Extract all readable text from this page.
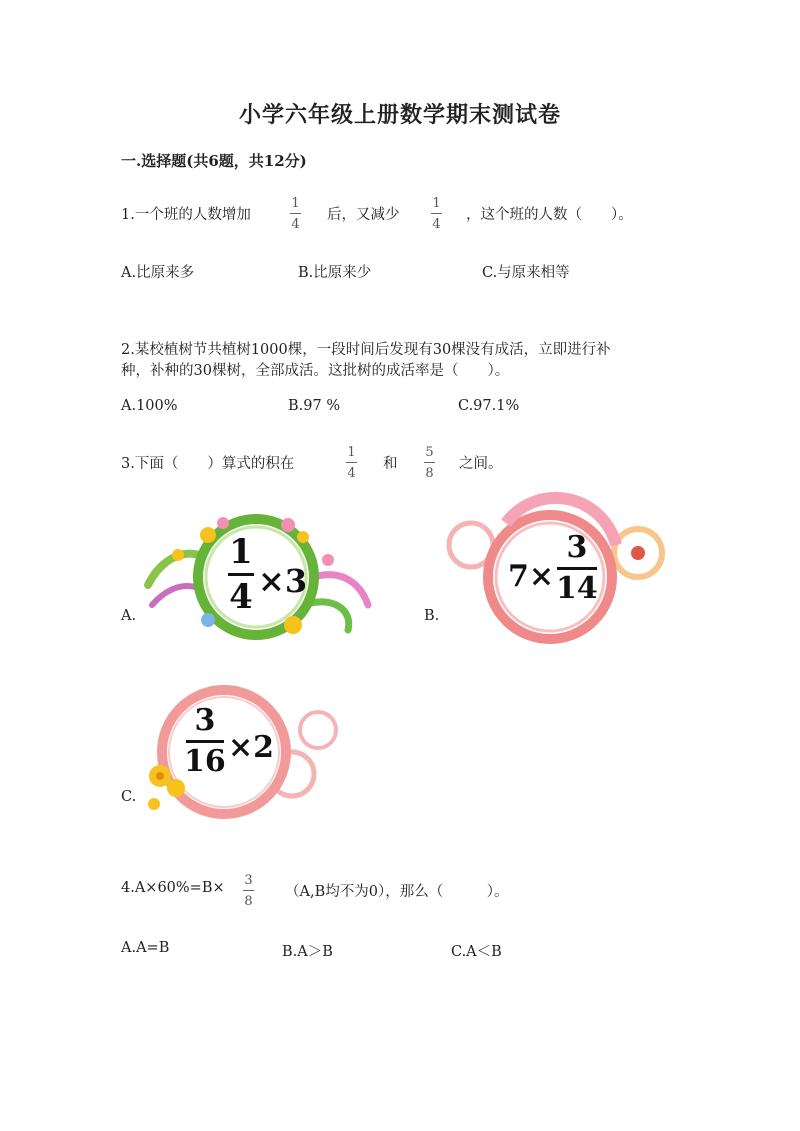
小学六年级上册数学期末测试卷
一.选择题(共6题，共12分)
1.一个班的人数增加
1
4
后，又减少
1
4
，这个班的人数（　　）。
A.比原来多	B.比原来少	C.与原来相等
2.某校植树节共植树1000棵，一段时间后发现有30棵没有成活，立即进行补
种，补种的30棵树，全部成活。这批树的成活率是（　　）。
A.100%	B.97 %	C.97.1%
3.下面（　　）算式的积在
1
4
和
5
8
之间。
A.
1
4 ×3
B.
7×
3
14
C.
3
16 ×2
4.A×60%=B× 3
8
（A,B均不为0），那么（　　　）。
A.A=B	B.A＞B	C.A＜B
